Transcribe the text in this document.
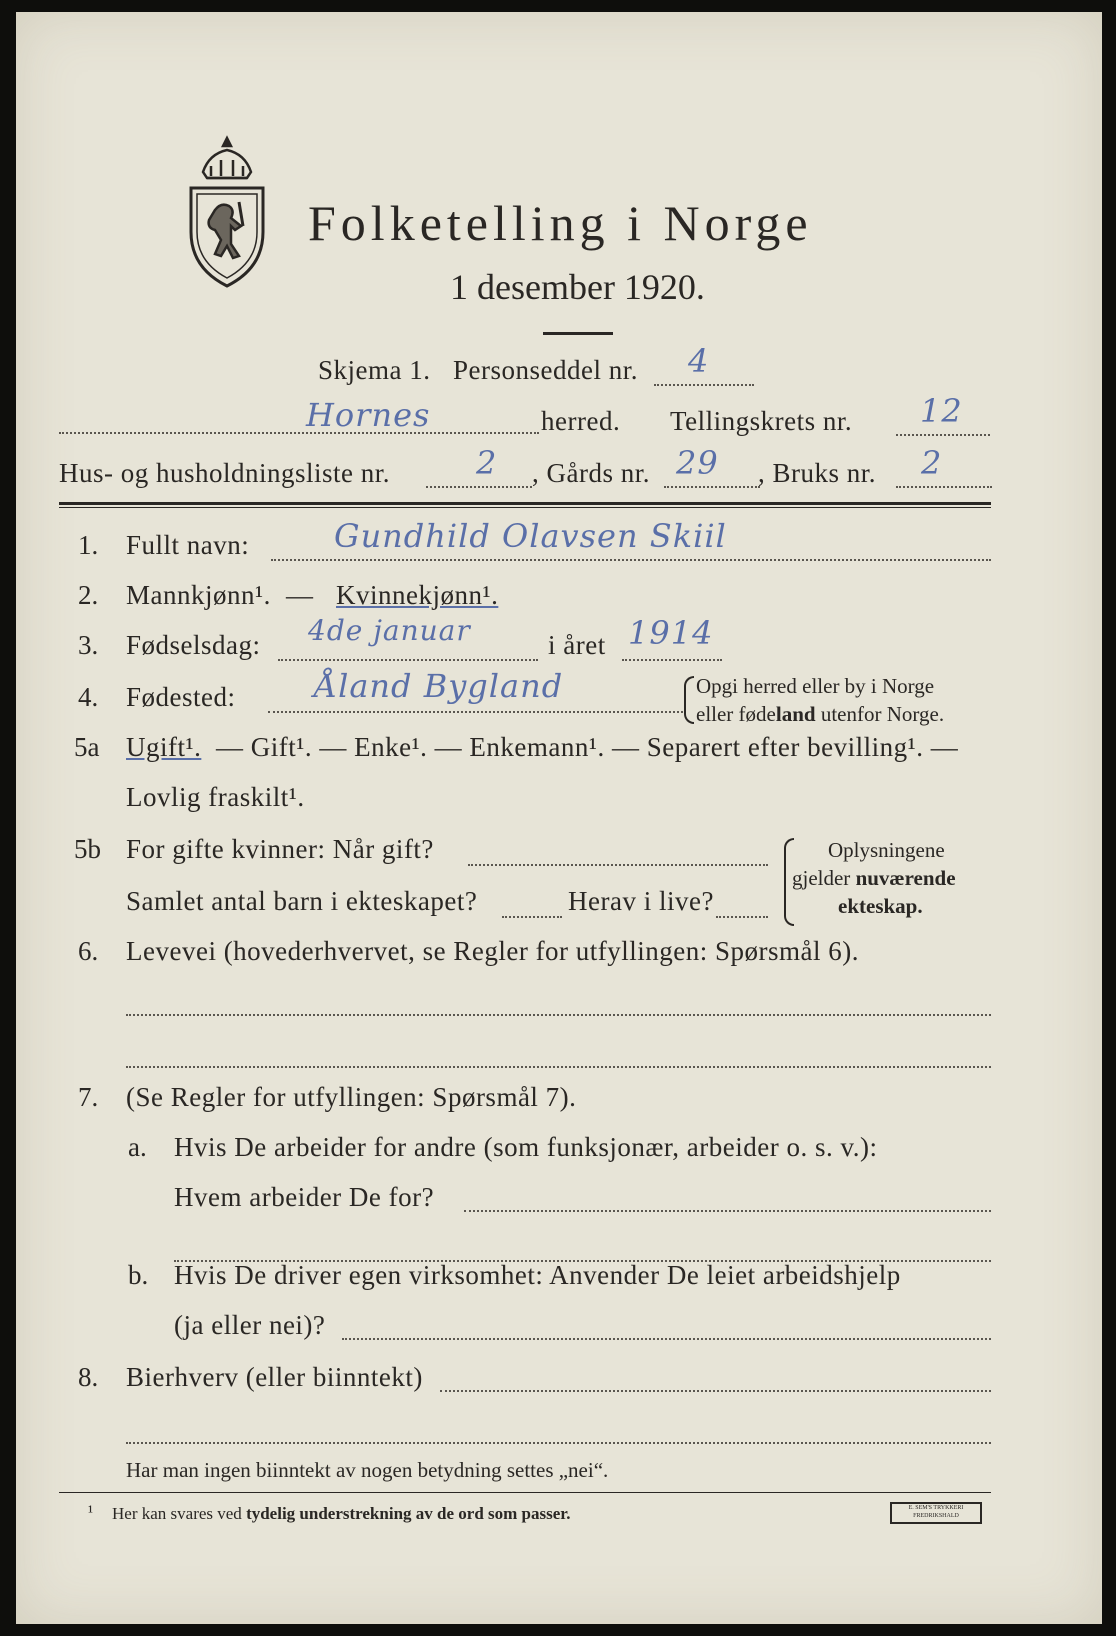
Folketelling i Norge
1 desember 1920.
Skjema 1. Personseddel nr. 4
Hornes	herred. Tellingskrets nr. 12
Hus- og husholdningsliste nr.	2 , Gårds nr. 29 , Bruks nr. 2
1. Fullt navn:	Gundhild Olavsen Skiil
2. Mannkjønn¹. — Kvinnekjønn¹.
3. Fødselsdag: 4de januar	i året 1914
4. Fødested: Åland Bygland	Opgi herred eller by i Norge
eller fødeland utenfor Norge.
5a Ugift¹. — Gift¹. — Enke¹. — Enkemann¹. — Separert efter bevilling¹. —
Lovlig fraskilt¹.
5b For gifte kvinner: Når gift?
Samlet antal barn i ekteskapet?	Herav i live?
Oplysningene
gjelder nuværende
ekteskap.
6. Levevei (hovederhvervet, se Regler for utfyllingen: Spørsmål 6).
7. (Se Regler for utfyllingen: Spørsmål 7).
a. Hvis De arbeider for andre (som funksjonær, arbeider o. s. v.):
Hvem arbeider De for?
b. Hvis De driver egen virksomhet: Anvender De leiet arbeidshjelp
(ja eller nei)?
8. Bierhverv (eller biinntekt)
Har man ingen biinntekt av nogen betydning settes „nei“.
¹ Her kan svares ved tydelig understrekning av de ord som passer.	E. SEM'S TRYKKERI FREDRIKSHALD
